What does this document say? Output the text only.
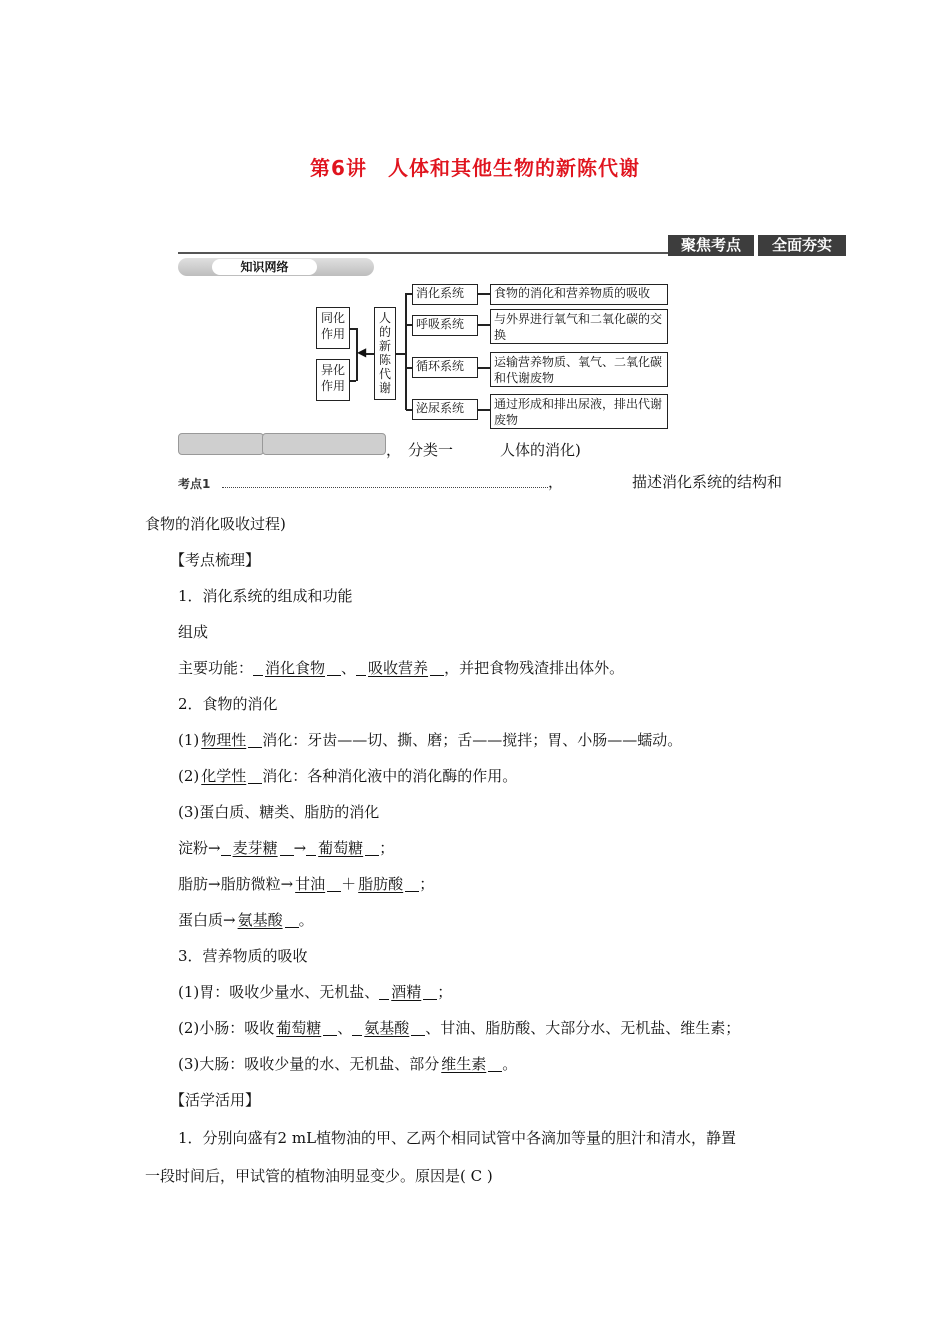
第6讲　人体和其他生物的新陈代谢
聚焦考点	全面夯实
知识网络
同化作用
异化作用
◀
人的新陈代谢
消化系统	食物的消化和营养物质的吸收
呼吸系统	与外界进行氧气和二氧化碳的交换
循环系统	运输营养物质、氧气、二氧化碳和代谢废物
泌尿系统	通过形成和排出尿液，排出代谢废物
， 分类一	人体的消化)
考点1	，	描述消化系统的结构和
食物的消化吸收过程)
【考点梳理】
1．消化系统的组成和功能
组成
主要功能： 消化食物 、 吸收营养 ，并把食物残渣排出体外。
2．食物的消化
(1) 物理性 消化：牙齿——切、撕、磨；舌——搅拌；胃、小肠——蠕动。
(2) 化学性 消化：各种消化液中的消化酶的作用。
(3)蛋白质、糖类、脂肪的消化
淀粉→ 麦芽糖 → 葡萄糖 ；
脂肪→脂肪微粒→ 甘油 ＋ 脂肪酸 ；
蛋白质→ 氨基酸 。
3．营养物质的吸收
(1)胃：吸收少量水、无机盐、 酒精 ；
(2)小肠：吸收 葡萄糖 、 氨基酸 、甘油、脂肪酸、大部分水、无机盐、维生素；
(3)大肠：吸收少量的水、无机盐、部分 维生素 。
【活学活用】
1．分别向盛有2 mL植物油的甲、乙两个相同试管中各滴加等量的胆汁和清水，静置
一段时间后，甲试管的植物油明显变少。原因是( C )
